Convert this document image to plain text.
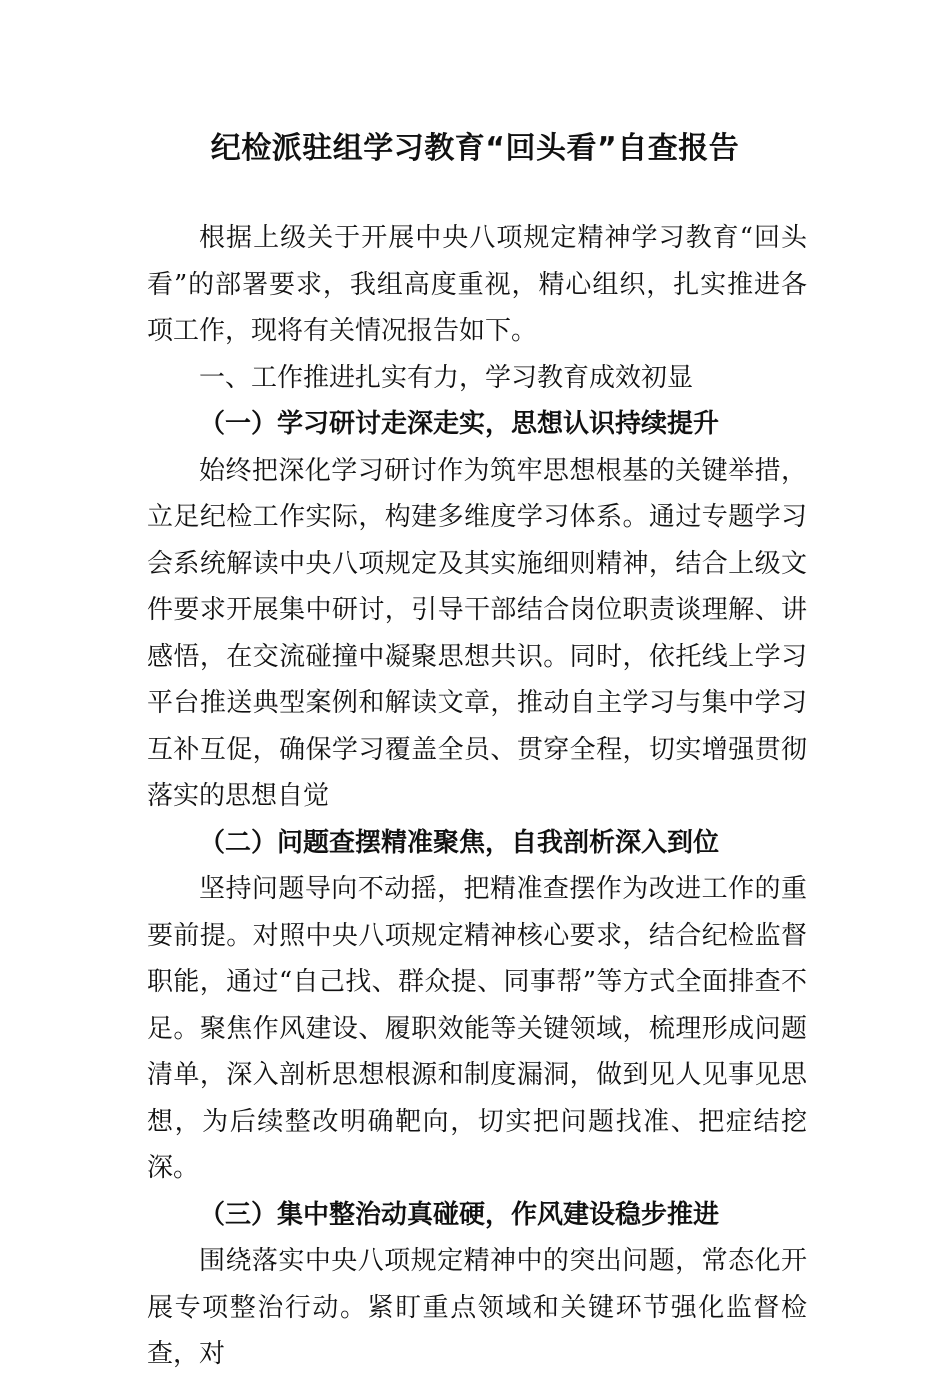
纪检派驻组学习教育“回头看”自查报告

根据上级关于开展中央八项规定精神学习教育“回头看”的部署要求，我组高度重视，精心组织，扎实推进各项工作，现将有关情况报告如下。

一、工作推进扎实有力，学习教育成效初显

（一）学习研讨走深走实，思想认识持续提升

始终把深化学习研讨作为筑牢思想根基的关键举措，立足纪检工作实际，构建多维度学习体系。通过专题学习会系统解读中央八项规定及其实施细则精神，结合上级文件要求开展集中研讨，引导干部结合岗位职责谈理解、讲感悟，在交流碰撞中凝聚思想共识。同时，依托线上学习平台推送典型案例和解读文章，推动自主学习与集中学习互补互促，确保学习覆盖全员、贯穿全程，切实增强贯彻落实的思想自觉

（二）问题查摆精准聚焦，自我剖析深入到位

坚持问题导向不动摇，把精准查摆作为改进工作的重要前提。对照中央八项规定精神核心要求，结合纪检监督职能，通过“自己找、群众提、同事帮”等方式全面排查不足。聚焦作风建设、履职效能等关键领域，梳理形成问题清单，深入剖析思想根源和制度漏洞，做到见人见事见思想，为后续整改明确靶向，切实把问题找准、把症结挖深。

（三）集中整治动真碰硬，作风建设稳步推进

围绕落实中央八项规定精神中的突出问题，常态化开展专项整治行动。紧盯重点领域和关键环节强化监督检查，对
